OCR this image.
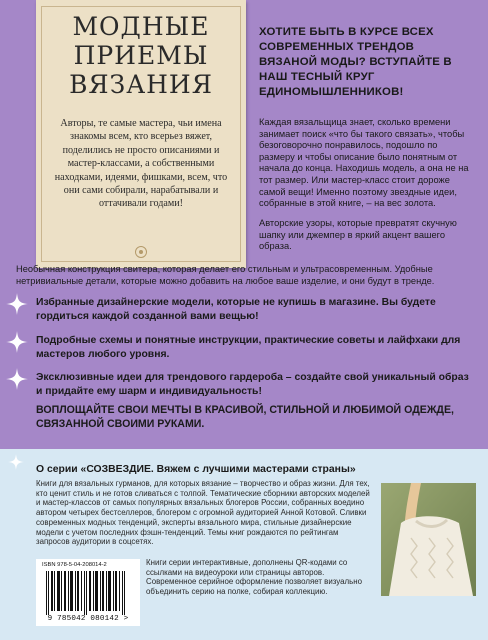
МОДНЫЕ
ПРИЕМЫ
ВЯЗАНИЯ
Авторы, те самые мастера, чьи имена знакомы всем, кто всерьез вяжет, поделились не просто описаниями и мастер-классами, а собственными находками, идеями, фишками, всем, что они сами собирали, нарабатывали и оттачивали годами!
ХОТИТЕ БЫТЬ В КУРСЕ ВСЕХ СОВРЕМЕННЫХ ТРЕНДОВ ВЯЗАНОЙ МОДЫ? ВСТУПАЙТЕ В НАШ ТЕСНЫЙ КРУГ ЕДИНОМЫШЛЕННИКОВ!
Каждая вязальщица знает, сколько времени занимает поиск «что бы такого связать», чтобы безоговорочно понравилось, подошло по размеру и чтобы описание было понятным от начала до конца. Находишь модель, а она не на тот размер. Или мастер-класс стоит дороже самой вещи! Именно поэтому звездные идеи, собранные в этой книге, – на вес золота.
Авторские узоры, которые превратят скучную шапку или джемпер в яркий акцент вашего образа.
Необычная конструкция свитера, которая делает его стильным и ультрасовременным. Удобные нетривиальные детали, которые можно добавить на любое ваше изделие, и они будут в тренде.
Избранные дизайнерские модели, которые не купишь в магазине. Вы будете гордиться каждой созданной вами вещью!
Подробные схемы и понятные инструкции, практические советы и лайфхаки для мастеров любого уровня.
Эксклюзивные идеи для трендового гардероба – создайте свой уникальный образ и придайте ему шарм и индивидуальность!
ВОПЛОЩАЙТЕ СВОИ МЕЧТЫ В КРАСИВОЙ, СТИЛЬНОЙ И ЛЮБИМОЙ ОДЕЖДЕ, СВЯЗАННОЙ СВОИМИ РУКАМИ.
О серии «СОЗВЕЗДИЕ. Вяжем с лучшими мастерами страны»
Книги для вязальных гурманов, для которых вязание – творчество и образ жизни. Для тех, кто ценит стиль и не готов сливаться с толпой. Тематические сборники авторских моделей и мастер-классов от самых популярных вязальных блогеров России, собранных воедино автором четырех бестселлеров, блогером с огромной аудиторией Анной Котовой. Сливки современных модных тенденций, эксперты вязального мира, стильные дизайнерские модели с учетом последних фэшн-тенденций. Темы книг рождаются по рейтингам запросов аудитории в соцсетях.
ISBN 978-5-04-208014-2
9 785042 080142 >
Книги серии интерактивные, дополнены QR-кодами со ссылками на видеоуроки или страницы авторов. Современное серийное оформление позволяет визуально объединить серию на полке, собирая коллекцию.
